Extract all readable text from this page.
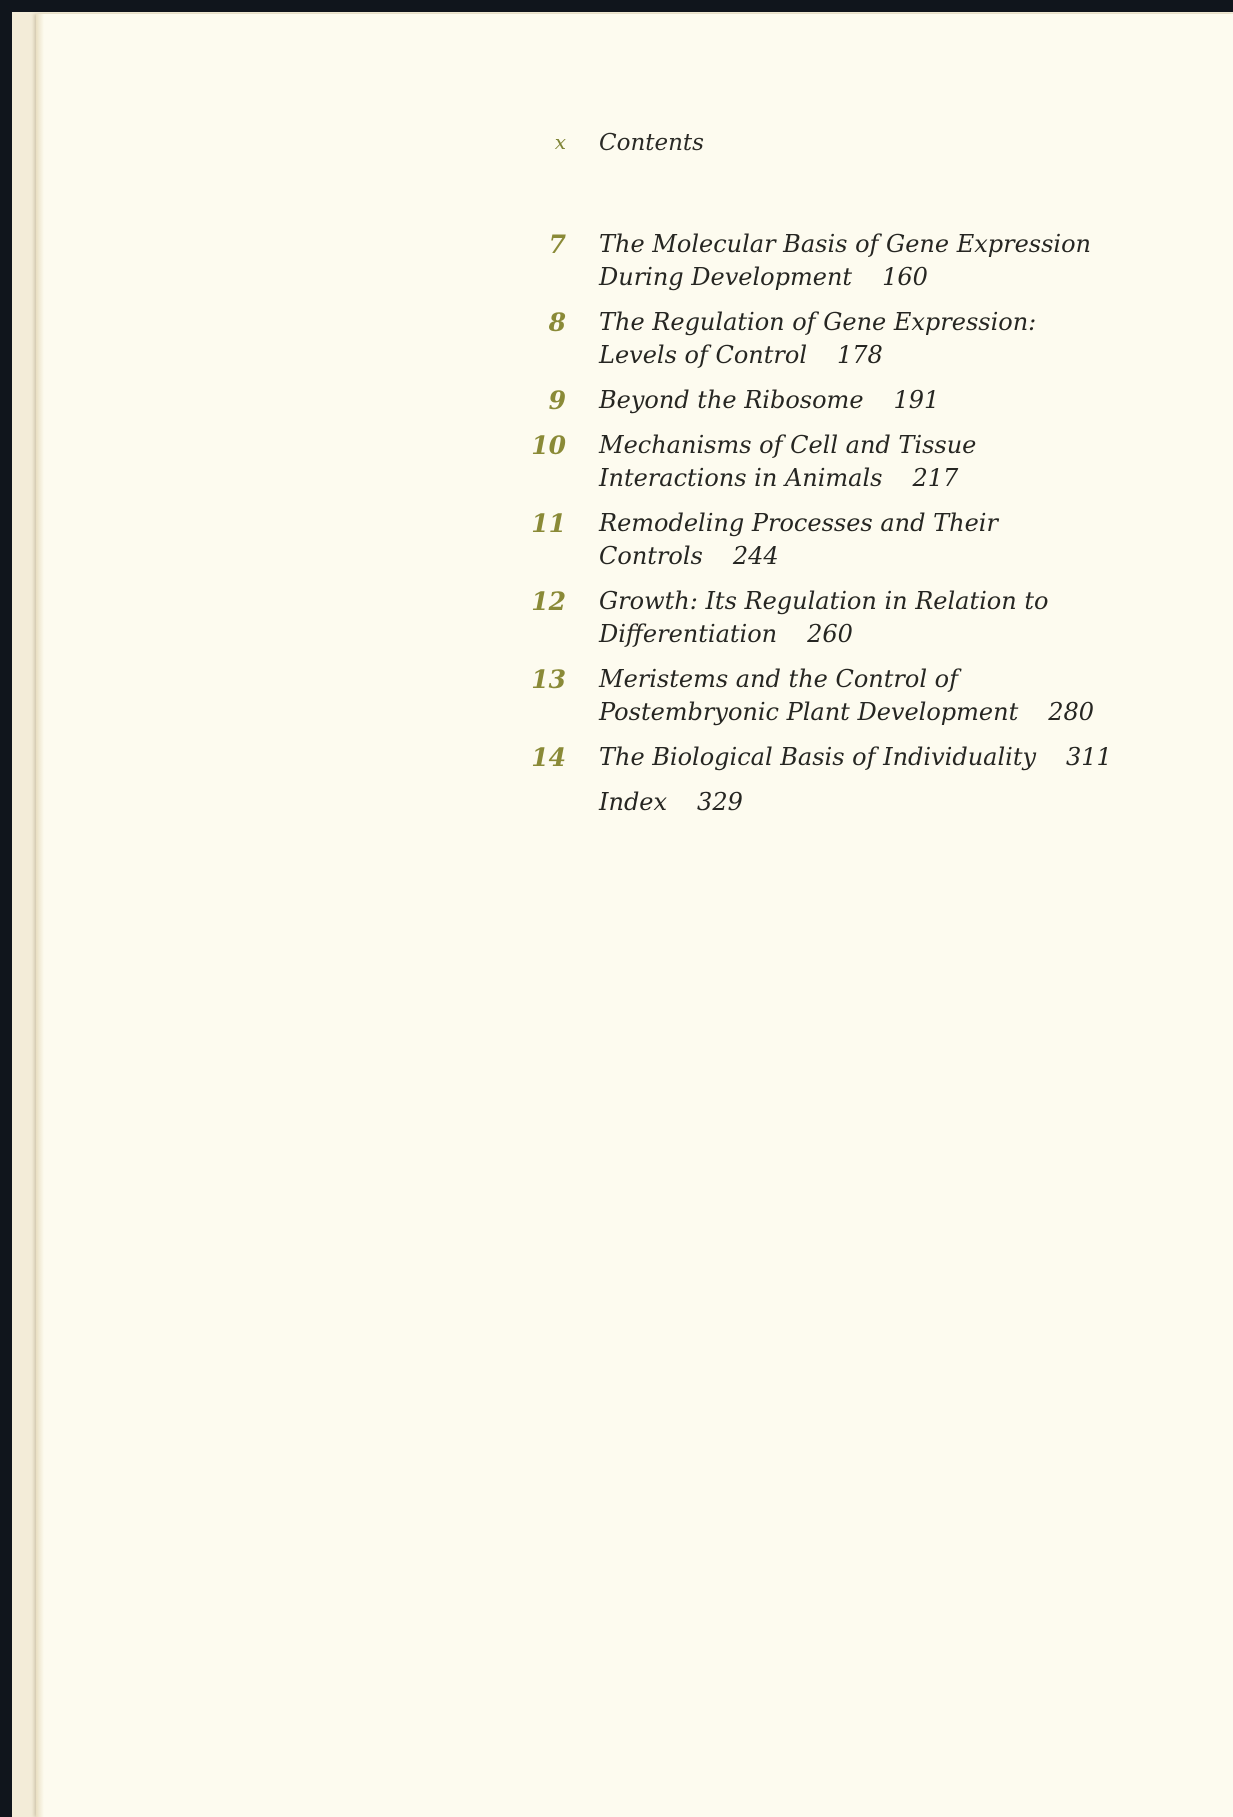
x Contents
7 The Molecular Basis of Gene Expression
During Development 160
8 The Regulation of Gene Expression:
Levels of Control 178
9 Beyond the Ribosome 191
10 Mechanisms of Cell and Tissue
Interactions in Animals 217
11 Remodeling Processes and Their
Controls 244
12 Growth: Its Regulation in Relation to
Differentiation 260
13 Meristems and the Control of
Postembryonic Plant Development 280
14 The Biological Basis of Individuality 311
Index 329
